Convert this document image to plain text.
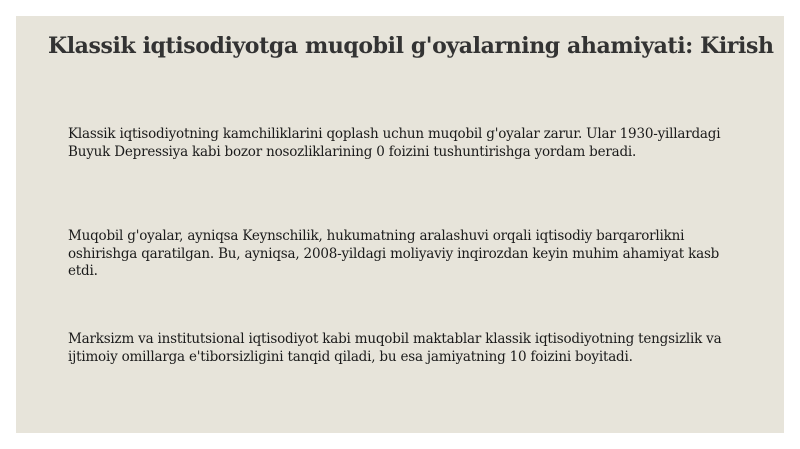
Klassik iqtisodiyotga muqobil g'oyalarning ahamiyati: Kirish

Klassik iqtisodiyotning kamchiliklarini qoplash uchun muqobil g'oyalar zarur. Ular 1930-yillardagi Buyuk Depressiya kabi bozor nosozliklarining 0 foizini tushuntirishga yordam beradi.

Muqobil g'oyalar, ayniqsa Keynschilik, hukumatning aralashuvi orqali iqtisodiy barqarorlikni oshirishga qaratilgan. Bu, ayniqsa, 2008-yildagi moliyaviy inqirozdan keyin muhim ahamiyat kasb etdi.

Marksizm va institutsional iqtisodiyot kabi muqobil maktablar klassik iqtisodiyotning tengsizlik va ijtimoiy omillarga e'tiborsizligini tanqid qiladi, bu esa jamiyatning 10 foizini boyitadi.
